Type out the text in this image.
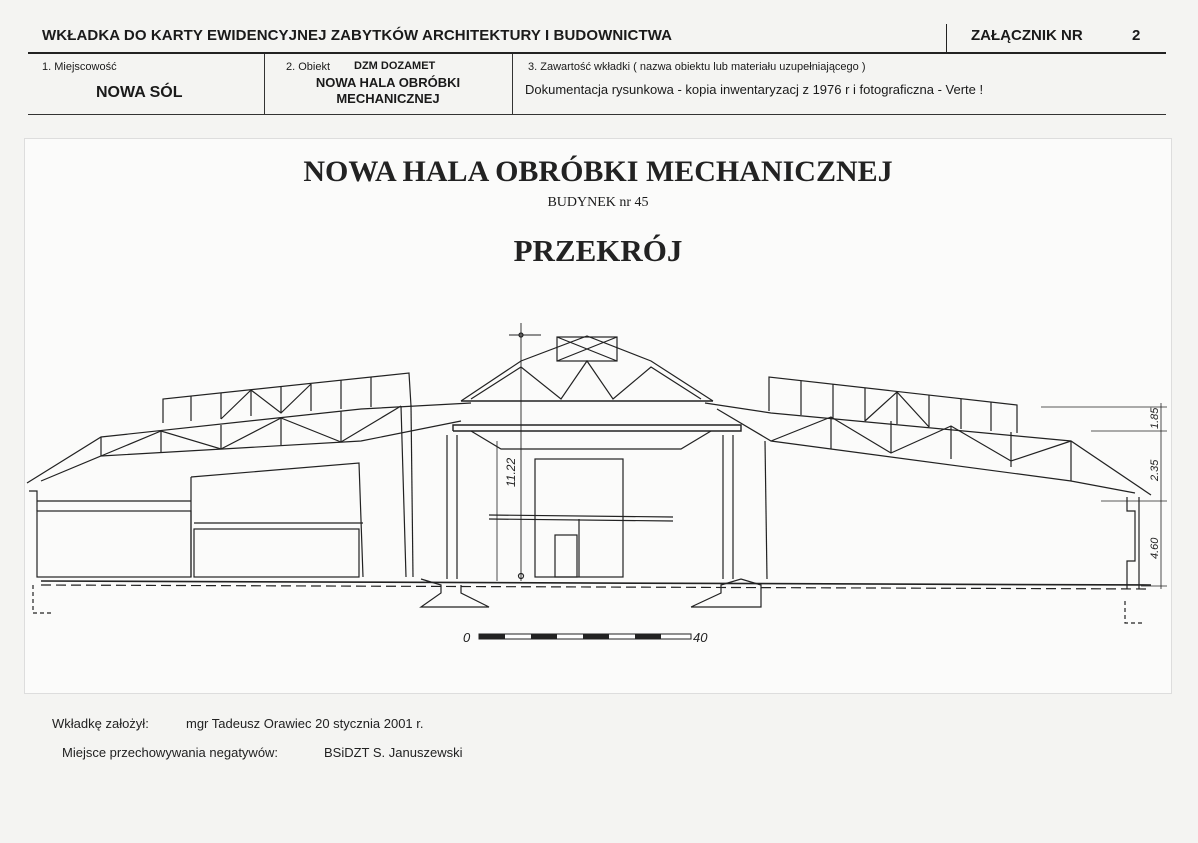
WKŁADKA DO KARTY EWIDENCYJNEJ ZABYTKÓW ARCHITEKTURY I BUDOWNICTWA	ZAŁĄCZNIK NR	2
1. Miejscowość
NOWA SÓL
2. Obiekt DZM DOZAMET
NOWA HALA OBRÓBKI
MECHANICZNEJ
3. Zawartość wkładki ( nazwa obiektu lub materiału uzupełniającego )
Dokumentacja rysunkowa - kopia inwentaryzacj z 1976 r i fotograficzna - Verte !
NOWA HALA OBRÓBKI MECHANICZNEJ
BUDYNEK nr 45
PRZEKRÓJ
11.22
1.85
2.35
4.60
0	40
Wkładkę założył:	mgr Tadeusz Orawiec 20 stycznia 2001 r.
Miejsce przechowywania negatywów:	BSiDZT S. Januszewski
